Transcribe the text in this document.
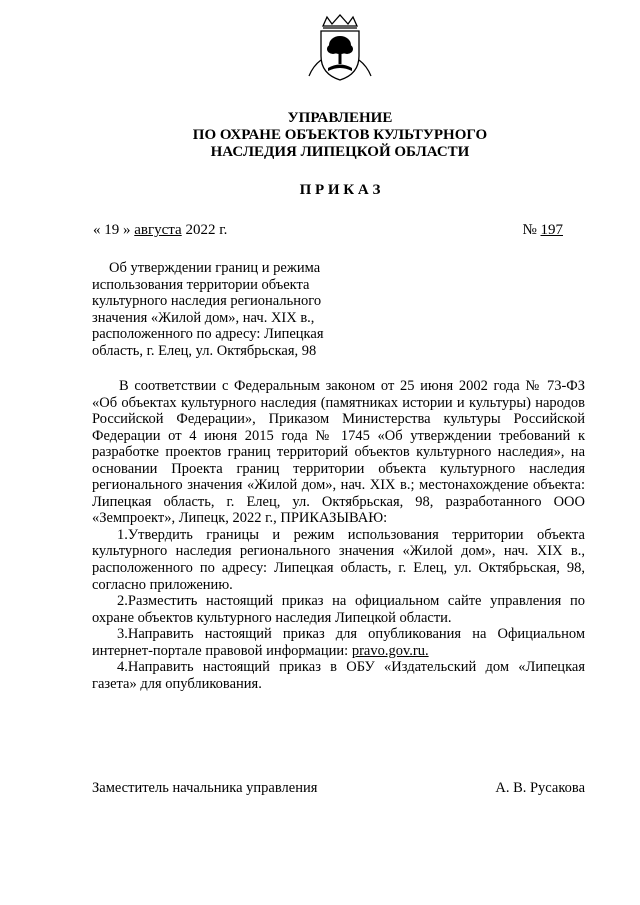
УПРАВЛЕНИЕ
ПО ОХРАНЕ ОБЪЕКТОВ КУЛЬТУРНОГО
НАСЛЕДИЯ ЛИПЕЦКОЙ ОБЛАСТИ
П Р И К А З
« 19 » августа 2022 г.	№ 197
Об утверждении границ и режима
использования территории объекта
культурного наследия регионального
значения «Жилой дом», нач. XIX в.,
расположенного по адресу: Липецкая
область, г. Елец, ул. Октябрьская, 98

В соответствии с Федеральным законом от 25 июня 2002 года № 73-ФЗ «Об объектах культурного наследия (памятниках истории и культуры) народов Российской Федерации», Приказом Министерства культуры Российской Федерации от 4 июня 2015 года № 1745 «Об утверждении требований к разработке проектов границ территорий объектов культурного наследия», на основании Проекта границ территории объекта культурного наследия регионального значения «Жилой дом», нач. XIX в.; местонахождение объекта: Липецкая область, г. Елец, ул. Октябрьская, 98, разработанного ООО «Земпроект», Липецк, 2022 г., ПРИКАЗЫВАЮ:

1.Утвердить границы и режим использования территории объекта культурного наследия регионального значения «Жилой дом», нач. XIX в., расположенного по адресу: Липецкая область, г. Елец, ул. Октябрьская, 98, согласно приложению.

2.Разместить настоящий приказ на официальном сайте управления по охране объектов культурного наследия Липецкой области.

3.Направить настоящий приказ для опубликования на Официальном интернет-портале правовой информации: pravo.gov.ru.

4.Направить настоящий приказ в ОБУ «Издательский дом «Липецкая газета» для опубликования.

Заместитель начальника управления	А. В. Русакова
